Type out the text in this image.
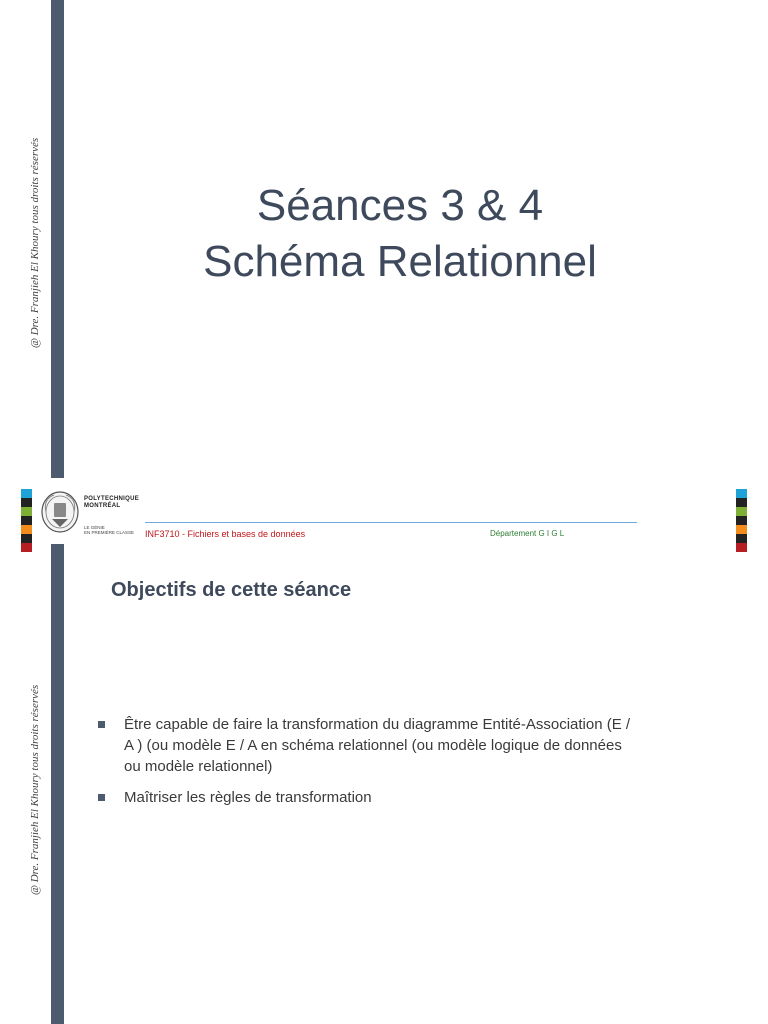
@ Dre. Franjieh El Khoury tous droits réservés	Séances 3 & 4
Schéma Relationnel
@ Dre. Franjieh El Khoury tous droits réservés
POLYTECHNIQUE
MONTRÉAL
LE GÉNIE
EN PREMIÈRE CLASSE INF3710 - Fichiers et bases de données	Département G I G L
Objectifs de cette séance
Être capable de faire la transformation du diagramme Entité-Association (E / A ) (ou modèle E / A en schéma relationnel (ou modèle logique de données ou modèle relationnel)
Maîtriser les règles de transformation
